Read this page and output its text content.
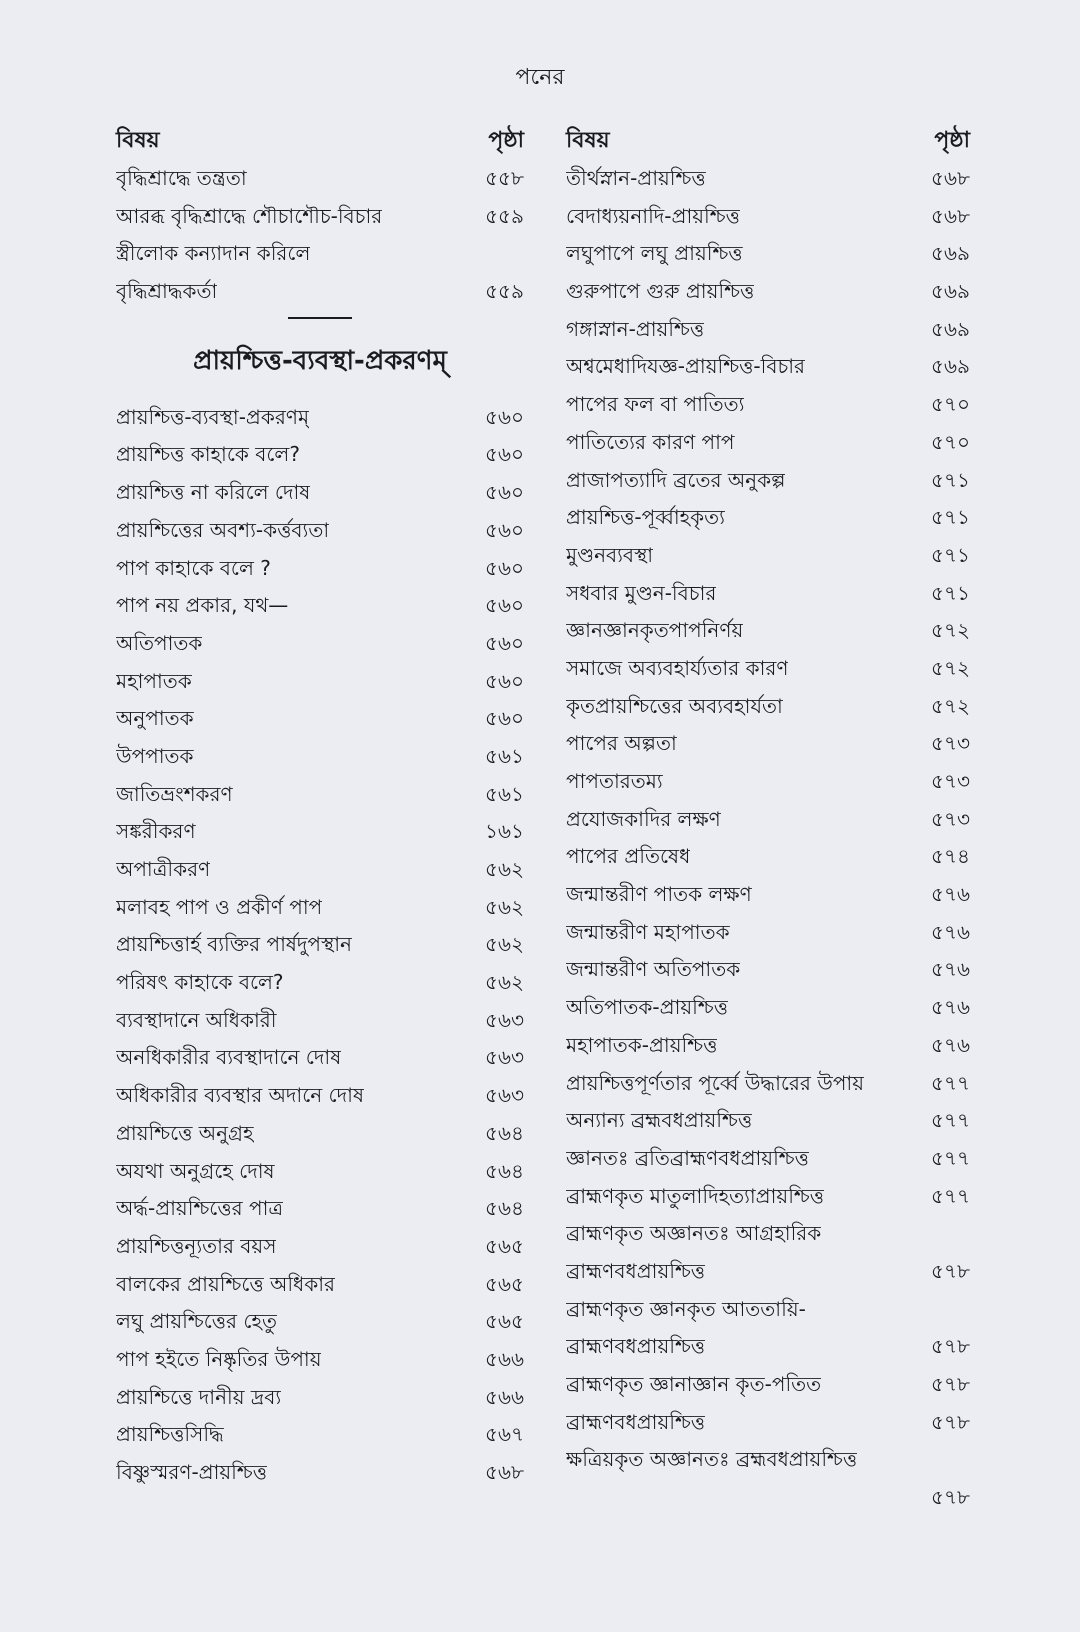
পনের
বিষয়	পৃষ্ঠা
বৃদ্ধিশ্রাদ্ধে তন্ত্রতা	৫৫৮
আরব্ধ বৃদ্ধিশ্রাদ্ধে শৌচাশৌচ-বিচার	৫৫৯
স্ত্রীলোক কন্যাদান করিলে
বৃদ্ধিশ্রাদ্ধকর্তা	৫৫৯
প্রায়শ্চিত্ত-ব্যবস্থা-প্রকরণম্
প্রায়শ্চিত্ত-ব্যবস্থা-প্রকরণম্	৫৬০
প্রায়শ্চিত্ত কাহাকে বলে?	৫৬০
প্রায়শ্চিত্ত না করিলে দোষ	৫৬০
প্রায়শ্চিত্তের অবশ্য-কর্ত্তব্যতা	৫৬০
পাপ কাহাকে বলে ?	৫৬০
পাপ নয় প্রকার, যথ—	৫৬০
অতিপাতক	৫৬০
মহাপাতক	৫৬০
অনুপাতক	৫৬০
উপপাতক	৫৬১
জাতিভ্রংশকরণ	৫৬১
সঙ্করীকরণ	১৬১
অপাত্রীকরণ	৫৬২
মলাবহ পাপ ও প্রকীর্ণ পাপ	৫৬২
প্রায়শ্চিত্তার্হ ব্যক্তির পার্ষদুপস্থান	৫৬২
পরিষৎ কাহাকে বলে?	৫৬২
ব্যবস্থাদানে অধিকারী	৫৬৩
অনধিকারীর ব্যবস্থাদানে দোষ	৫৬৩
অধিকারীর ব্যবস্থার অদানে দোষ	৫৬৩
প্রায়শ্চিত্তে অনুগ্রহ	৫৬৪
অযথা অনুগ্রহে দোষ	৫৬৪
অর্দ্ধ-প্রায়শ্চিত্তের পাত্র	৫৬৪
প্রায়শ্চিত্তন্যূতার বয়স	৫৬৫
বালকের প্রায়শ্চিত্তে অধিকার	৫৬৫
লঘু প্রায়শ্চিত্তের হেতু	৫৬৫
পাপ হইতে নিষ্কৃতির উপায়	৫৬৬
প্রায়শ্চিত্তে দানীয় দ্রব্য	৫৬৬
প্রায়শ্চিত্তসিদ্ধি	৫৬৭
বিষ্ণুস্মরণ-প্রায়শ্চিত্ত	৫৬৮
বিষয়	পৃষ্ঠা
তীর্থস্নান-প্রায়শ্চিত্ত	৫৬৮
বেদাধ্যয়নাদি-প্রায়শ্চিত্ত	৫৬৮
লঘুপাপে লঘু প্রায়শ্চিত্ত	৫৬৯
গুরুপাপে গুরু প্রায়শ্চিত্ত	৫৬৯
গঙ্গাস্নান-প্রায়শ্চিত্ত	৫৬৯
অশ্বমেধাদিযজ্ঞ-প্রায়শ্চিত্ত-বিচার	৫৬৯
পাপের ফল বা পাতিত্য	৫৭০
পাতিত্যের কারণ পাপ	৫৭০
প্রাজাপত্যাদি ব্রতের অনুকল্প	৫৭১
প্রায়শ্চিত্ত-পূর্ব্বাহকৃত্য	৫৭১
মুণ্ডনব্যবস্থা	৫৭১
সধবার মুণ্ডন-বিচার	৫৭১
জ্ঞানজ্ঞানকৃতপাপনির্ণয়	৫৭২
সমাজে অব্যবহার্য্যতার কারণ	৫৭২
কৃতপ্রায়শ্চিত্তের অব্যবহার্যতা	৫৭২
পাপের অল্পতা	৫৭৩
পাপতারতম্য	৫৭৩
প্রযোজকাদির লক্ষণ	৫৭৩
পাপের প্রতিষেধ	৫৭৪
জন্মান্তরীণ পাতক লক্ষণ	৫৭৬
জন্মান্তরীণ মহাপাতক	৫৭৬
জন্মান্তরীণ অতিপাতক	৫৭৬
অতিপাতক-প্রায়শ্চিত্ত	৫৭৬
মহাপাতক-প্রায়শ্চিত্ত	৫৭৬
প্রায়শ্চিত্তপূর্ণতার পূর্ব্বে উদ্ধারের উপায়	৫৭৭
অন্যান্য ব্রহ্মবধপ্রায়শ্চিত্ত	৫৭৭
জ্ঞানতঃ ব্রতিব্রাহ্মণবধপ্রায়শ্চিত্ত	৫৭৭
ব্রাহ্মণকৃত মাতুলাদিহত্যাপ্রায়শ্চিত্ত	৫৭৭
ব্রাহ্মণকৃত অজ্ঞানতঃ আগ্রহারিক
ব্রাহ্মণবধপ্রায়শ্চিত্ত	৫৭৮
ব্রাহ্মণকৃত জ্ঞানকৃত আততায়ি-
ব্রাহ্মণবধপ্রায়শ্চিত্ত	৫৭৮
ব্রাহ্মণকৃত জ্ঞানাজ্ঞান কৃত-পতিত	৫৭৮
ব্রাহ্মণবধপ্রায়শ্চিত্ত	৫৭৮
ক্ষত্রিয়কৃত অজ্ঞানতঃ ব্রহ্মবধপ্রায়শ্চিত্ত
৫৭৮
